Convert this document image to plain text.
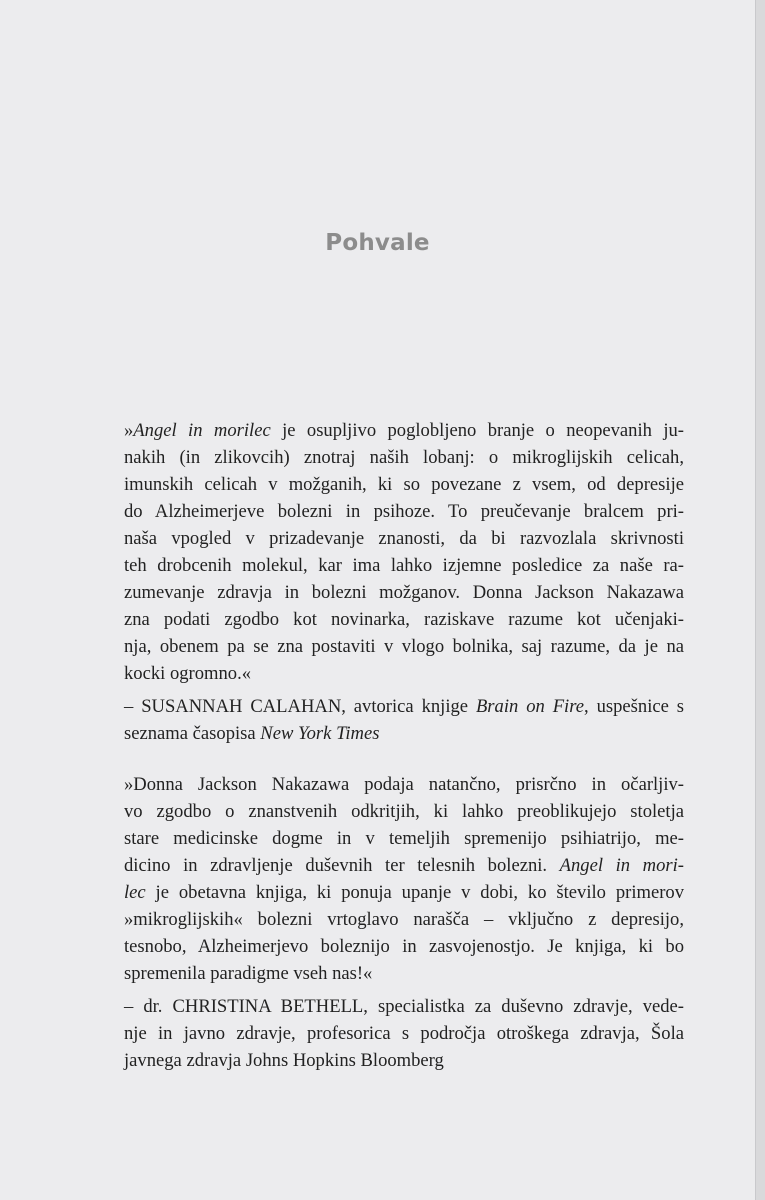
Pohvale
»Angel in morilec je osupljivo poglobljeno branje o neopevanih ju-
nakih (in zlikovcih) znotraj naših lobanj: o mikroglijskih celicah,
imunskih celicah v možganih, ki so povezane z vsem, od depresije
do Alzheimerjeve bolezni in psihoze. To preučevanje bralcem pri-
naša vpogled v prizadevanje znanosti, da bi razvozlala skrivnosti
teh drobcenih molekul, kar ima lahko izjemne posledice za naše ra-
zumevanje zdravja in bolezni možganov. Donna Jackson Nakazawa
zna podati zgodbo kot novinarka, raziskave razume kot učenjaki-
nja, obenem pa se zna postaviti v vlogo bolnika, saj razume, da je na
kocki ogromno.«
– SUSANNAH CALAHAN, avtorica knjige Brain on Fire, uspešnice s
seznama časopisa New York Times
»Donna Jackson Nakazawa podaja natančno, prisrčno in očarljiv-
vo zgodbo o znanstvenih odkritjih, ki lahko preoblikujejo stoletja
stare medicinske dogme in v temeljih spremenijo psihiatrijo, me-
dicino in zdravljenje duševnih ter telesnih bolezni. Angel in mori-
lec je obetavna knjiga, ki ponuja upanje v dobi, ko število primerov
»mikroglijskih« bolezni vrtoglavo narašča – vključno z depresijo,
tesnobo, Alzheimerjevo boleznijo in zasvojenostjo. Je knjiga, ki bo
spremenila paradigme vseh nas!«
– dr. CHRISTINA BETHELL, specialistka za duševno zdravje, vede-
nje in javno zdravje, profesorica s področja otroškega zdravja, Šola
javnega zdravja Johns Hopkins Bloomberg
